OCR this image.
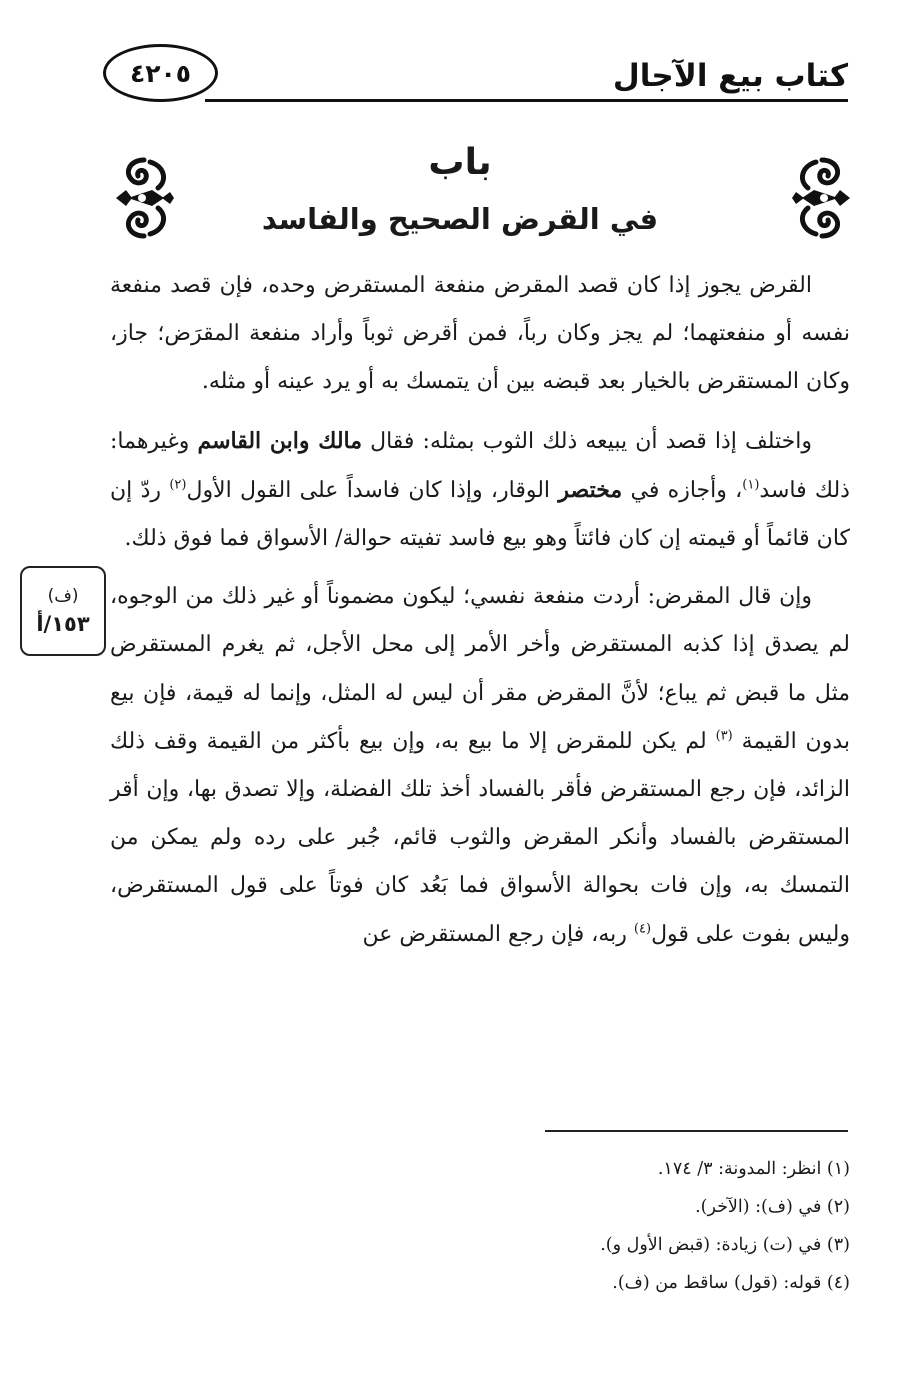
كتاب بيع الآجال
٤٢٠٥
باب
في القرض الصحيح والفاسد

القرض يجوز إذا كان قصد المقرض منفعة المستقرض وحده، فإن قصد منفعة نفسه أو منفعتهما؛ لم يجز وكان رباً، فمن أقرض ثوباً وأراد منفعة المقرَض؛ جاز، وكان المستقرض بالخيار بعد قبضه بين أن يتمسك به أو يرد عينه أو مثله.

واختلف إذا قصد أن يبيعه ذلك الثوب بمثله: فقال مالك وابن القاسم وغيرهما: ذلك فاسد$^{(١)}$، وأجازه في مختصر الوقار، وإذا كان فاسداً على القول الأول$^{(٢)}$ ردّ إن كان قائماً أو قيمته إن كان فائتاً وهو بيع فاسد تفيته حوالة/ الأسواق فما فوق ذلك.

وإن قال المقرض: أردت منفعة نفسي؛ ليكون مضموناً أو غير ذلك من الوجوه، لم يصدق إذا كذبه المستقرض وأخر الأمر إلى محل الأجل، ثم يغرم المستقرض مثل ما قبض ثم يباع؛ لأنَّ المقرض مقر أن ليس له المثل، وإنما له قيمة، فإن بيع بدون القيمة $^{(٣)}$ لم يكن للمقرض إلا ما بيع به، وإن بيع بأكثر من القيمة وقف ذلك الزائد، فإن رجع المستقرض فأقر بالفساد أخذ تلك الفضلة، وإلا تصدق بها، وإن أقر المستقرض بالفساد وأنكر المقرض والثوب قائم، جُبر على رده ولم يمكن من التمسك به، وإن فات بحوالة الأسواق فما بَعُد كان فوتاً على قول المستقرض، وليس بفوت على قول$^{(٤)}$ ربه، فإن رجع المستقرض عن

(ف)
١٥٣/أ
(١) انظر: المدونة: ٣/ ١٧٤.
(٢) في (ف): (الآخر).
(٣) في (ت) زيادة: (قبض الأول و).
(٤) قوله: (قول) ساقط من (ف).
